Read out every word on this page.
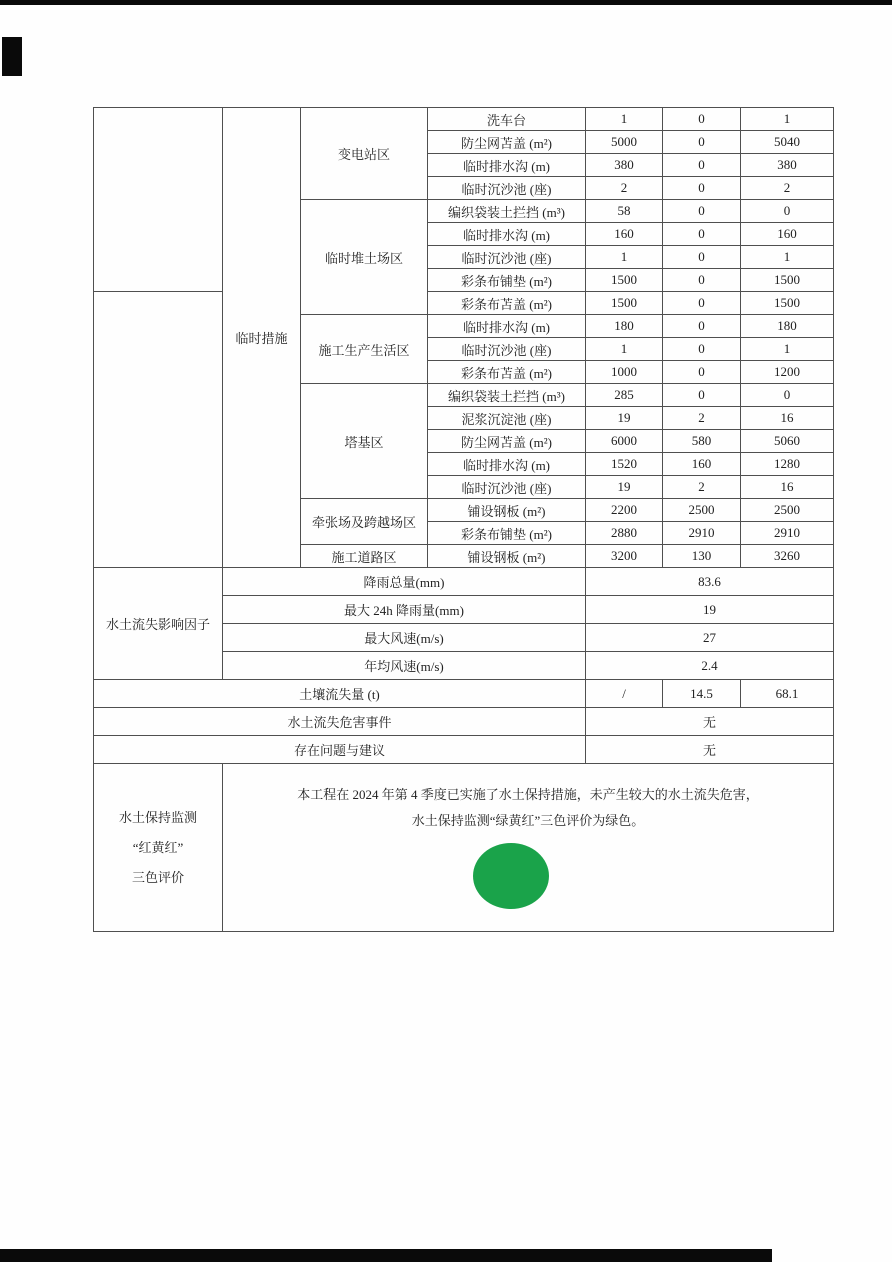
	临时措施	变电站区	洗车台	1	0	1
			防尘网苫盖 (m²)	5000	0	5040
			临时排水沟 (m)	380	0	380
			临时沉沙池 (座)	2	0	2
		临时堆土场区	编织袋装土拦挡 (m³)	58	0	0
			临时排水沟 (m)	160	0	160
			临时沉沙池 (座)	1	0	1
			彩条布铺垫 (m²)	1500	0	1500
			彩条布苫盖 (m²)	1500	0	1500
		施工生产生活区	临时排水沟 (m)	180	0	180
			临时沉沙池 (座)	1	0	1
			彩条布苫盖 (m²)	1000	0	1200
		塔基区	编织袋装土拦挡 (m³)	285	0	0
			泥浆沉淀池 (座)	19	2	16
			防尘网苫盖 (m²)	6000	580	5060
			临时排水沟 (m)	1520	160	1280
			临时沉沙池 (座)	19	2	16
		牵张场及跨越场区	铺设钢板 (m²)	2200	2500	2500
			彩条布铺垫 (m²)	2880	2910	2910
		施工道路区	铺设钢板 (m²)	3200	130	3260
水土流失影响因子	降雨总量(mm)			83.6		
	最大 24h 降雨量(mm)			19		
	最大风速(m/s)			27		
	年均风速(m/s)			2.4		
土壤流失量 (t)				/	14.5	68.1
水土流失危害事件				无		
存在问题与建议				无		

水土保持监测
“红黄红”
三色评价

本工程在 2024 年第 4 季度已实施了水土保持措施，未产生较大的水土流失危害，
水土保持监测“绿黄红”三色评价为绿色。
